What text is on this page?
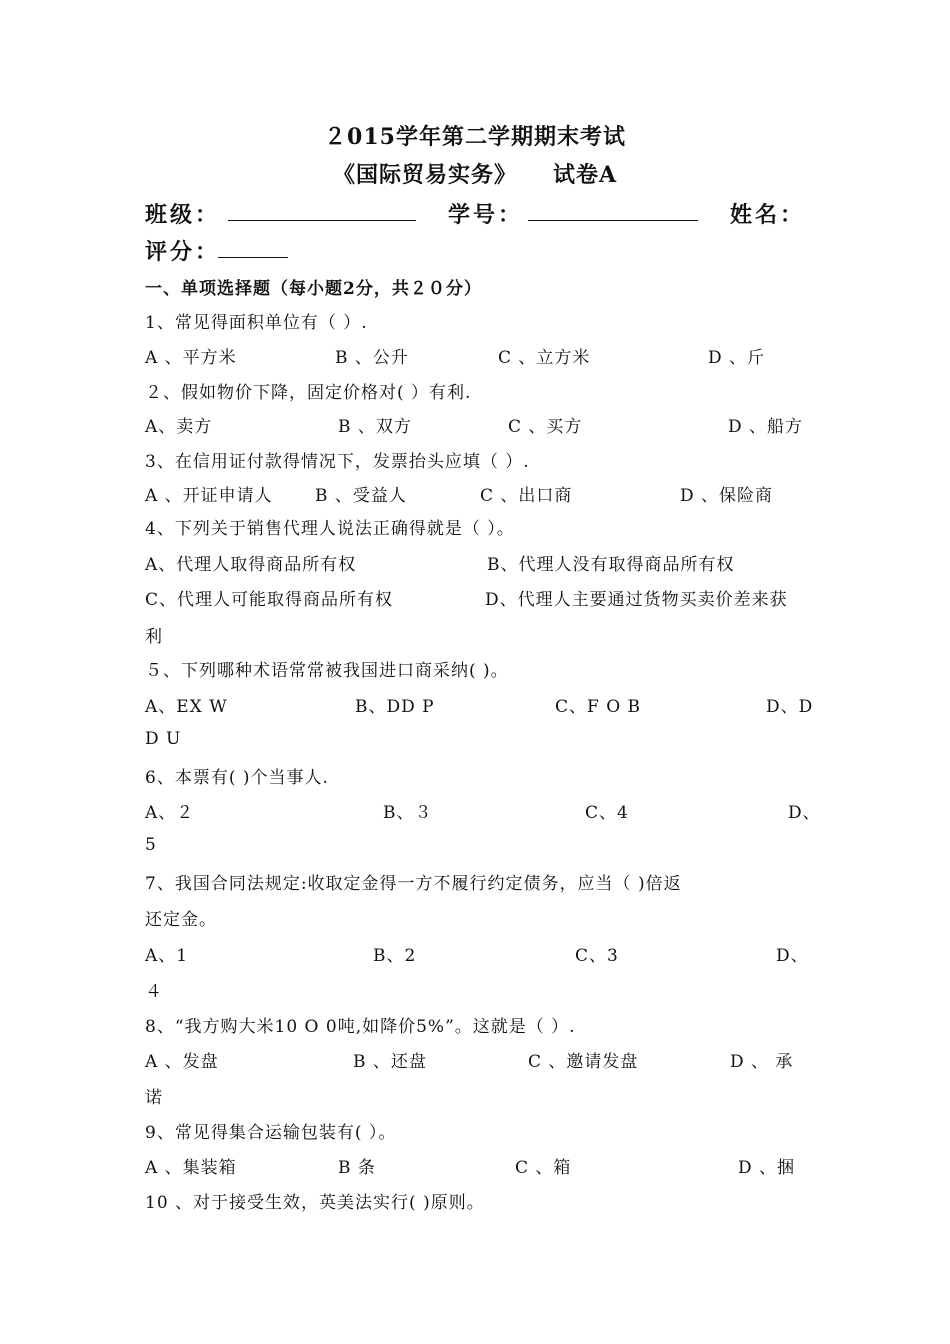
２015学年第二学期期末考试
《国际贸易实务》 试卷A
班级：	学号：	姓名：
评分：
一、单项选择题（每小题2分，共２０分）
1、常见得面积单位有（ ）.
A 、平方米	B 、公升	C 、立方米	D 、斤
２、假如物价下降，固定价格对( ）有利.
A、卖方	B 、双方	C 、买方	D 、船方
3、在信用证付款得情况下，发票抬头应填（ ）.
A 、开证申请人 B 、受益人	C 、出口商	D 、保险商
4、下列关于销售代理人说法正确得就是（ ）。
A、代理人取得商品所有权	B、代理人没有取得商品所有权
C、代理人可能取得商品所有权	D、代理人主要通过货物买卖价差来获
利
５、下列哪种术语常常被我国进口商采纳( )。
A、EX W	B、DD P	C、F O B	D、D
D U
6、本票有( )个当事人.
A、２	B、３	C、4	D、
5
7、我国合同法规定:收取定金得一方不履行约定债务，应当（ )倍返
还定金。
A、1	B、2	C、3	D、
４
8、“我方购大米10 O 0吨,如降价5%”。这就是（ ）.
A 、发盘	B 、还盘	C 、邀请发盘	D 、 承
诺
9、常见得集合运输包装有( ）。
A 、集装箱	B 条	C 、箱	D 、捆
10 、对于接受生效，英美法实行( )原则。
